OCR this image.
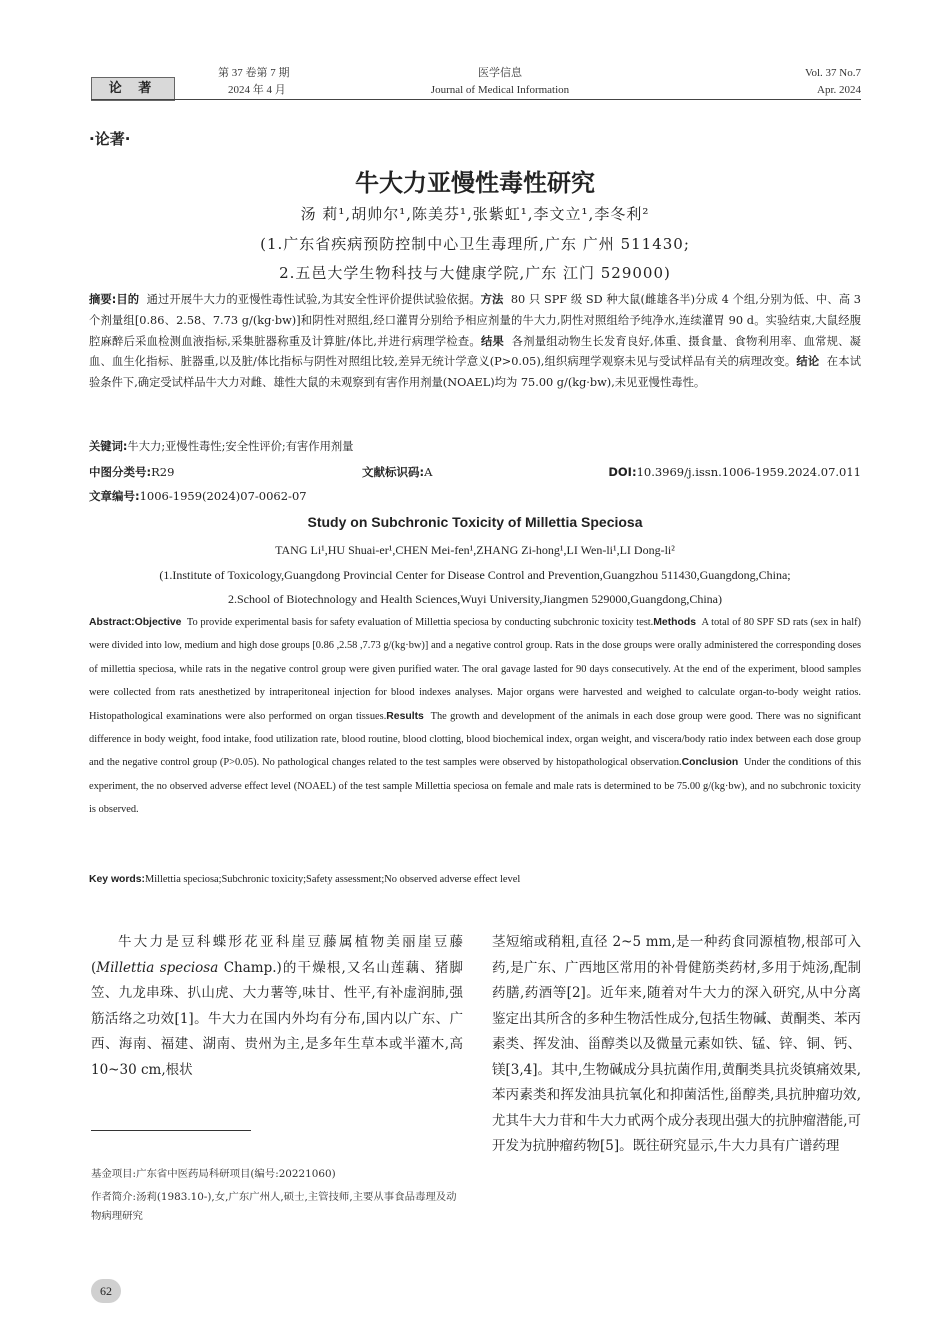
论 著
第 37 卷第 7 期
2024 年 4 月
医学信息
Journal of Medical Information
Vol. 37 No.7
Apr. 2024
·论著·
牛大力亚慢性毒性研究
汤 莉¹,胡帅尔¹,陈美芬¹,张紫虹¹,李文立¹,李冬利²
(1.广东省疾病预防控制中心卫生毒理所,广东 广州 511430;
2.五邑大学生物科技与大健康学院,广东 江门 529000)
摘要:目的 通过开展牛大力的亚慢性毒性试验,为其安全性评价提供试验依据。方法 80 只 SPF 级 SD 种大鼠(雌雄各半)分成 4 个组,分别为低、中、高 3 个剂量组[0.86、2.58、7.73 g/(kg·bw)]和阴性对照组,经口灌胃分别给予相应剂量的牛大力,阴性对照组给予纯净水,连续灌胃 90 d。实验结束,大鼠经腹腔麻醉后采血检测血液指标,采集脏器称重及计算脏/体比,并进行病理学检查。结果 各剂量组动物生长发育良好,体重、摄食量、食物利用率、血常规、凝血、血生化指标、脏器重,以及脏/体比指标与阴性对照组比较,差异无统计学意义(P>0.05),组织病理学观察未见与受试样品有关的病理改变。结论 在本试验条件下,确定受试样品牛大力对雌、雄性大鼠的未观察到有害作用剂量(NOAEL)均为 75.00 g/(kg·bw),未见亚慢性毒性。
关键词:牛大力;亚慢性毒性;安全性评价;有害作用剂量
中图分类号:R29	文献标识码:A	DOI:10.3969/j.issn.1006-1959.2024.07.011
文章编号:1006-1959(2024)07-0062-07
Study on Subchronic Toxicity of Millettia Speciosa
TANG Li¹,HU Shuai-er¹,CHEN Mei-fen¹,ZHANG Zi-hong¹,LI Wen-li¹,LI Dong-li²
(1.Institute of Toxicology,Guangdong Provincial Center for Disease Control and Prevention,Guangzhou 511430,Guangdong,China;
2.School of Biotechnology and Health Sciences,Wuyi University,Jiangmen 529000,Guangdong,China)
Abstract:Objective To provide experimental basis for safety evaluation of Millettia speciosa by conducting subchronic toxicity test.Methods A total of 80 SPF SD rats (sex in half) were divided into low, medium and high dose groups [0.86 ,2.58 ,7.73 g/(kg·bw)] and a negative control group. Rats in the dose groups were orally administered the corresponding doses of millettia speciosa, while rats in the negative control group were given purified water. The oral gavage lasted for 90 days consecutively. At the end of the experiment, blood samples were collected from rats anesthetized by intraperitoneal injection for blood indexes analyses. Major organs were harvested and weighed to calculate organ-to-body weight ratios. Histopathological examinations were also performed on organ tissues.Results The growth and development of the animals in each dose group were good. There was no significant difference in body weight, food intake, food utilization rate, blood routine, blood clotting, blood biochemical index, organ weight, and viscera/body ratio index between each dose group and the negative control group (P>0.05). No pathological changes related to the test samples were observed by histopathological observation.Conclusion Under the conditions of this experiment, the no observed adverse effect level (NOAEL) of the test sample Millettia speciosa on female and male rats is determined to be 75.00 g/(kg·bw), and no subchronic toxicity is observed.
Key words:Millettia speciosa;Subchronic toxicity;Safety assessment;No observed adverse effect level
牛大力是豆科蝶形花亚科崖豆藤属植物美丽崖豆藤(Millettia speciosa Champ.)的干燥根,又名山莲藕、猪脚笠、九龙串珠、扒山虎、大力薯等,味甘、性平,有补虚润肺,强筋活络之功效[1]。牛大力在国内外均有分布,国内以广东、广西、海南、福建、湖南、贵州为主,是多年生草本或半灌木,高 10~30 cm,根状
茎短缩或稍粗,直径 2~5 mm,是一种药食同源植物,根部可入药,是广东、广西地区常用的补骨健筋类药材,多用于炖汤,配制药膳,药酒等[2]。近年来,随着对牛大力的深入研究,从中分离鉴定出其所含的多种生物活性成分,包括生物碱、黄酮类、苯丙素类、挥发油、甾醇类以及微量元素如铁、锰、锌、铜、钙、镁[3,4]。其中,生物碱成分具抗菌作用,黄酮类具抗炎镇痛效果,苯丙素类和挥发油具抗氧化和抑菌活性,甾醇类,具抗肿瘤功效,尤其牛大力苷和牛大力甙两个成分表现出强大的抗肿瘤潜能,可开发为抗肿瘤药物[5]。既往研究显示,牛大力具有广谱药理
基金项目:广东省中医药局科研项目(编号:20221060)
作者简介:汤莉(1983.10-),女,广东广州人,硕士,主管技师,主要从事食品毒理及动物病理研究
62
